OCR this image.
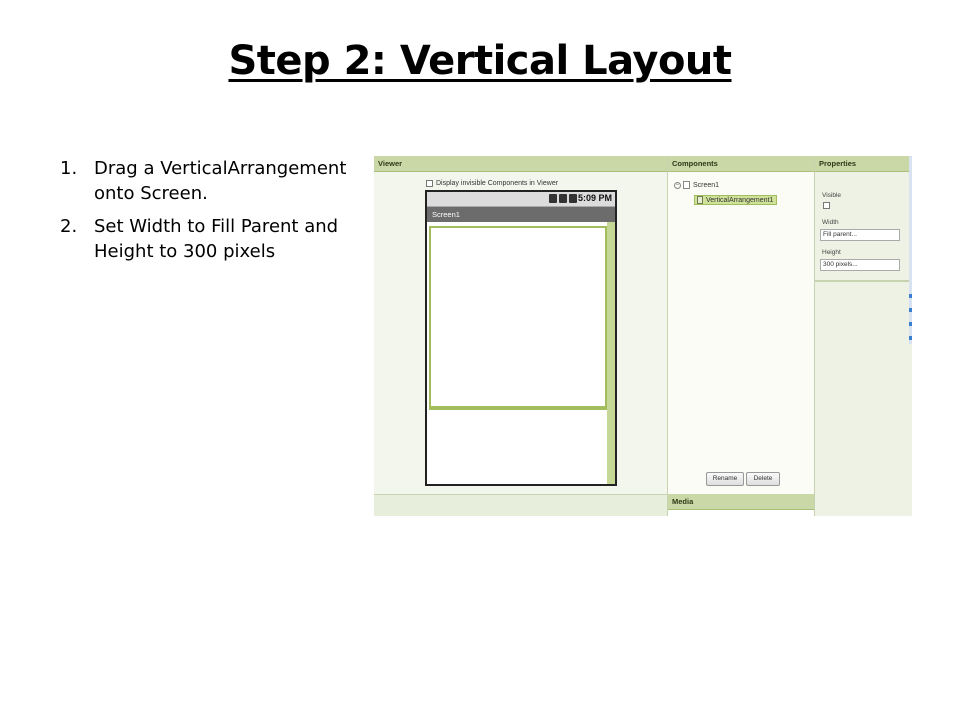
Step 2: Vertical Layout
1. Drag a VerticalArrangement onto Screen.
2. Set Width to Fill Parent and Height to 300 pixels
Viewer
Display invisible Components in Viewer
5:09 PM
Screen1
Components
− Screen1
VerticalArrangement1
Rename	Delete
Media
Properties
Visible
Width
Fill parent...
Height
300 pixels...
